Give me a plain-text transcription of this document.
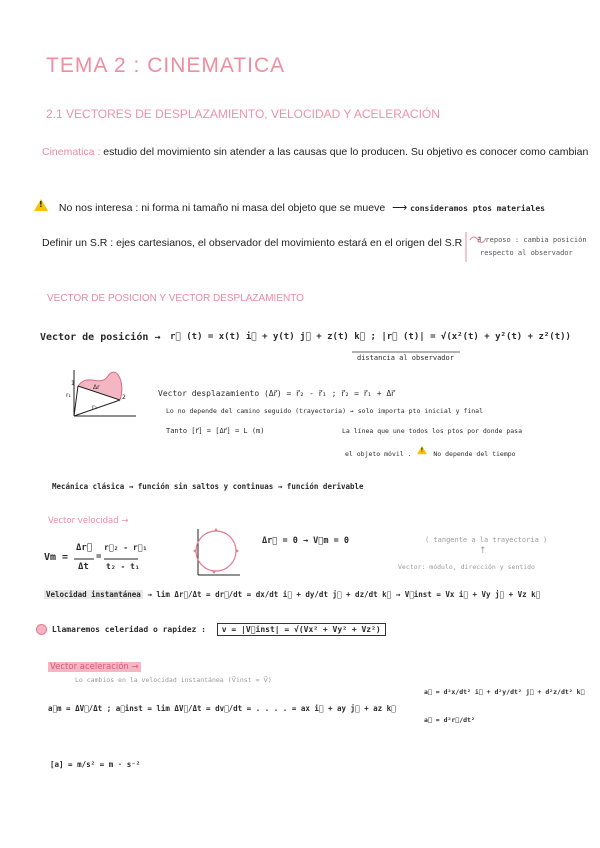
TEMA 2 : CINEMATICA
2.1 VECTORES DE DESPLAZAMIENTO, VELOCIDAD Y ACELERACIÓN
Cinematica : estudio del movimiento sin atender a las causas que lo producen. Su objetivo es conocer como cambian
! No nos interesa : ni forma ni tamaño ni masa del objeto que se mueve ⟶ consideramos ptos materiales
Definir un S.R : ejes cartesianos, el observador del movimiento estará en el origen del S.R ∄ reposo : cambia posición
respecto al observador
VECTOR DE POSICION Y VECTOR DESPLAZAMIENTO
Vector de posición → r⃗ (t) = x(t) i⃗ + y(t) j⃗ + z(t) k⃗ ; |r⃗ (t)| = √(x²(t) + y²(t) + z²(t))
distancia al observador
Δr
r₁
r₂
1
2	Vector desplazamiento (Δr⃗) = r⃗₂ - r⃗₁ ; r⃗₂ = r⃗₁ + Δr⃗
Lo no depende del camino seguido (trayectoria) → solo importa pto inicial y final
Tanto [r⃗] = [Δr⃗] = L (m)	La línea que une todos los ptos por donde pasa
el objeto móvil .
!
No depende del tiempo
Mecánica clásica → función sin saltos y continuas → función derivable
Vector velocidad →
Vm =
Δr⃗
Δt
=
r⃗₂ - r⃗₁
t₂ - t₁
Δr⃗ = 0 → V⃗m = 0	( tangente a la trayectoria )
↑
Vector: módulo, dirección y sentido
Velocidad instantánea → lim Δr⃗/Δt = dr⃗/dt = dx/dt i⃗ + dy/dt j⃗ + dz/dt k⃗ → V⃗inst = Vx i⃗ + Vy j⃗ + Vz k⃗
Llamaremos celeridad o rapidez : v = |V⃗inst| = √(Vx² + Vy² + Vz²)
Vector aceleración →
Lo cambios en la velocidad instantánea (V⃗inst = V⃗)
a⃗m = ΔV⃗/Δt ; a⃗inst = lim ΔV⃗/Δt = dv⃗/dt = . . . . = ax i⃗ + ay j⃗ + az k⃗
a⃗ = d²x/dt² i⃗ + d²y/dt² j⃗ + d²z/dt² k⃗
a⃗ = d²r⃗/dt²
[a] = m/s² = m · s⁻²
